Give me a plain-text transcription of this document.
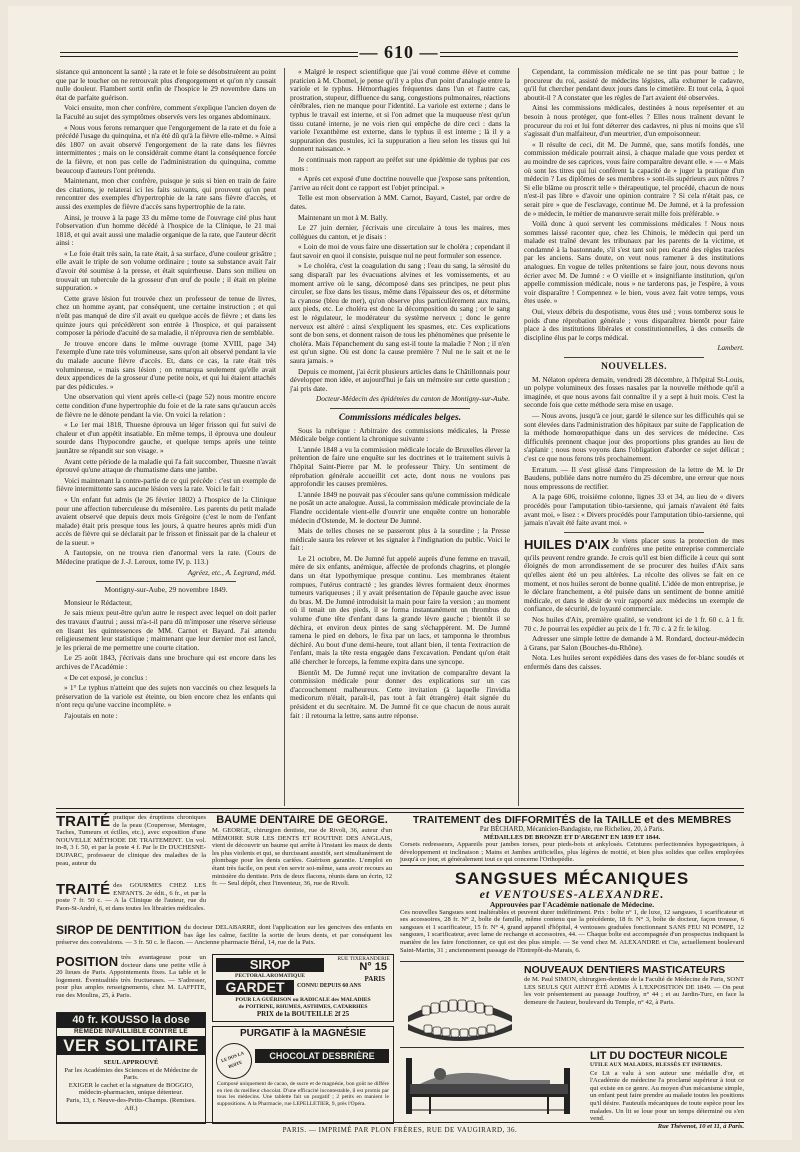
— 610 —

sistance qui annoncent la santé ; la rate et le foie se désobstruèrent au point que par le toucher on ne retrouvait plus d'engorgement et qu'on n'y causait nulle douleur. Flambert sortit enfin de l'hospice le 29 novembre dans un état de parfaite guérison.

Voici ensuite, mon cher confrère, comment s'explique l'ancien doyen de la Faculté au sujet des symptômes observés vers les organes abdominaux.

« Nous vous ferons remarquer que l'engorgement de la rate et du foie a précédé l'usage du quinquina, et n'a été dû qu'à la fièvre elle-même. » Ainsi dès 1807 on avait observé l'engorgement de la rate dans les fièvres intermittentes ; mais on le considérait comme étant la conséquence forcée de la fièvre, et non pas celle de l'administration du quinquina, comme beaucoup d'auteurs l'ont prétendu.

Maintenant, mon cher confrère, puisque je suis si bien en train de faire des citations, je relaterai ici les faits suivants, qui prouvent qu'on peut rencontrer des exemples d'hypertrophie de la rate sans fièvre d'accès, et aussi des exemples de fièvre d'accès sans hypertrophie de la rate.

Ainsi, je trouve à la page 33 du même tome de l'ouvrage cité plus haut l'observation d'un homme décédé à l'hospice de la Clinique, le 21 mai 1818, et qui avait aussi une maladie organique de la rate, que l'auteur décrit ainsi :

« Le foie était très sain, la rate était, à sa surface, d'une couleur grisâtre ; elle avait le triple de son volume ordinaire ; toute sa substance avait l'air d'avoir été soumise à la presse, et était squirrheuse. Dans son milieu on trouvait un tubercule de la grosseur d'un œuf de poule ; il était en pleine suppuration. »

Cette grave lésion fut trouvée chez un professeur de tenue de livres, chez un homme ayant, par conséquent, une certaine instruction ; et qui n'eût pas manqué de dire s'il avait eu quelque accès de fièvre ; et dans les quinze jours qui précédèrent son entrée à l'hospice, et qui paraissent composer la période d'acuité de sa maladie, il n'éprouva rien de semblable.

Je trouve encore dans le même ouvrage (tome XVIII, page 34) l'exemple d'une rate très volumineuse, sans qu'on ait observé pendant la vie du malade aucune fièvre d'accès. Et, dans ce cas, la rate était très volumineuse, « mais sans lésion ; on remarqua seulement qu'elle avait deux appendices de la grosseur d'une petite noix, et qui lui étaient attachés par des pédicules. »

Une observation qui vient après celle-ci (page 52) nous montre encore cette condition d'une hypertrophie du foie et de la rate sans qu'aucun accès de fièvre ne le dénote pendant la vie. On voici la relation :

« Le 1er mai 1818, Thuesne éprouva un léger frisson qui fut suivi de chaleur et d'un appétit insatiable. En même temps, il éprouva une douleur sourde dans l'hypocondre gauche, et quelque temps après une teinte jaunâtre se répandit sur son visage. »

Avant cette période de la maladie qui l'a fait succomber, Thuesne n'avait éprouvé qu'une attaque de rhumatisme dans une jambe.

Voici maintenant la contre-partie de ce qui précède : c'est un exemple de fièvre intermittente sans aucune lésion vers la rate. Voici le fait :

« Un enfant fut admis (le 26 février 1802) à l'hospice de la Clinique pour une affection tuberculeuse du mésentère. Les parents du petit malade avaient observé que depuis deux mois Grégoire (c'est le nom de l'enfant malade) était pris presque tous les jours, à quatre heures après midi d'un accès de fièvre qui se déclarait par le frisson et finissait par de la chaleur et de la sueur. »

A l'autopsie, on ne trouva rien d'anormal vers la rate. (Cours de Médecine pratique de J.-J. Leroux, tome IV, p. 113.)

Agréez, etc., A. Legrand, méd.
Montigny-sur-Aube, 29 novembre 1849.

Monsieur le Rédacteur,

Je sais mieux peut-être qu'un autre le respect avec lequel on doit parler des travaux d'autrui ; aussi m'a-t-il paru dû m'imposer une réserve sérieuse en lisant les quintessences de MM. Carnot et Bayard. J'ai attendu religieusement leur statistique ; maintenant que leur dernier mot est lancé, je les prierai de me permettre une courte citation.

Le 25 août 1843, j'écrivais dans une brochure qui est encore dans les archives de l'Académie :

« De cet exposé, je conclus :

» 1° Le typhus n'atteint que des sujets non vaccinés ou chez lesquels la préservation de la variole est éteinte, ou bien encore chez les enfants qui n'ont reçu qu'une vaccine incomplète. »

J'ajoutais en note :

« Malgré le respect scientifique que j'ai voué comme élève et comme praticien à M. Chomel, je pense qu'il y a plus d'un point d'analogie entre la variole et le typhus. Hémorrhagies fréquentes dans l'un et l'autre cas, prostration, stupeur, diffluence du sang, congestions pulmonaires, réactions cérébrales, rien ne manque pour l'identité. La variole est externe ; dans le typhus le travail est interne, et si l'on admet que la muqueuse n'est qu'un tissu cutané interne, je ne vois rien qui empêche de dire ceci : dans la variole l'exanthème est externe, dans le typhus il est interne ; là il y a suppuration des pustules, ici la suppuration a lieu selon les tissus qui lui donnent naissance. »

Je continuais mon rapport au préfet sur une épidémie de typhus par ces mots :

« Après cet exposé d'une doctrine nouvelle que j'expose sans prétention, j'arrive au récit dont ce rapport est l'objet principal. »

Telle est mon observation à MM. Carnot, Bayard, Castel, par ordre de dates.

Maintenant un mot à M. Bally.

Le 27 juin dernier, j'écrivais une circulaire à tous les maires, mes collègues du canton, et je disais :

« Loin de moi de vous faire une dissertation sur le choléra ; cependant il faut savoir en quoi il consiste, puisque nul ne peut formuler son essence.

» Le choléra, c'est la coagulation du sang ; l'eau du sang, la sérosité du sang disparaît par les évacuations alvines et les vomissements, et au moment arrive où le sang, décomposé dans ses principes, ne peut plus circuler, se fixe dans les tissus, même dans l'épaisseur des os, et détermine la cyanose (bleu de mer), qu'on observe plus particulièrement aux mains, aux pieds, etc. Le choléra est donc la décomposition du sang ; or le sang est le régulateur, le modérateur du système nerveux ; donc le genre nerveux est altéré : ainsi s'expliquent les spasmes, etc. Ces explications sont de bon sens, et donnent raison de tous les phénomènes que présente le choléra. Mais l'épanchement du sang est-il toute la maladie ? Non ; il n'en est qu'un signe. Où est donc la cause première ? Nul ne le sait et ne le saura jamais. »

Depuis ce moment, j'ai écrit plusieurs articles dans le Châtillonnais pour développer mon idée, et aujourd'hui je fais un mémoire sur cette question ; j'ai pris date.

Docteur-Médecin des épidémies du canton de Montigny-sur-Aube.
Commissions médicales belges.

Sous la rubrique : Arbitraire des commissions médicales, la Presse Médicale belge contient la chronique suivante :

L'année 1848 a vu la commission médicale locale de Bruxelles élever la prétention de faire une enquête sur les doctrines et le traitement suivis à l'hôpital Saint-Pierre par M. le professeur Thiry. Un sentiment de réprobation générale accueillit cet acte, dont nous ne voulons pas approfondir les causes premières.

L'année 1849 ne pouvait pas s'écouler sans qu'une commission médicale ne posât un acte analogue. Aussi, la commission médicale provinciale de la Flandre occidentale vient-elle d'ouvrir une enquête contre un honorable médecin d'Ostende, M. le docteur De Jumné.

Mais de telles choses ne se passeront plus à la sourdine ; la Presse médicale saura les relever et les signaler à l'indignation du public. Voici le fait :

Le 21 octobre, M. De Jumné fut appelé auprès d'une femme en travail, mère de six enfants, anémique, affectée de profonds chagrins, et plongée dans un état lypothymique presque continu. Les membranes étaient rompues, l'utérus contracté ; les grandes lèvres formaient deux énormes tumeurs variqueuses ; il y avait présentation de l'épaule gauche avec issue du bras. M. De Jumné introduisit la main pour faire la version ; au moment où il tenait un des pieds, il se forma instantanément un thrombus du volume d'une tête d'enfant dans la grande lèvre gauche ; bientôt il se déchira, et environ deux pintes de sang s'échappèrent. M. De Jumné ramena le pied en dehors, le fixa par un lacs, et tamponna le thrombus déchiré. Au bout d'une demi-heure, tout allant bien, il tenta l'extraction de l'enfant, mais la tête resta engagée dans l'excavation. Pendant qu'on était allé chercher le forceps, la femme expira dans une syncope.

Bientôt M. De Jumné reçut une invitation de comparaître devant la commission médicale pour donner des explications sur un cas d'accouchement malheureux. Cette invitation (à laquelle l'invidia medicorum n'était, paraît-il, pas tout à fait étrangère) était signée du président et du secrétaire. M. De Jumné fit ce que chacun de nous aurait fait : il retourna la lettre, sans autre réponse.

Cependant, la commission médicale ne se tint pas pour battue ; le procureur du roi, assisté de médecins légistes, alla exhumer le cadavre, qu'il fut chercher pendant deux jours dans le cimetière. Et tout cela, à quoi aboutit-il ? A constater que les règles de l'art avaient été observées.

Ainsi les commissions médicales, destinées à nous représenter et au besoin à nous protéger, que font-elles ? Elles nous traînent devant le procureur du roi et lui font déterrer des cadavres, ni plus ni moins que s'il s'agissait d'un malfaiteur, d'un meurtrier, d'un empoisonneur.

« Il résulte de ceci, dit M. De Jumné, que, sans motifs fondés, une commission médicale pourrait ainsi, à chaque malade que vous perdez et au moindre de ses caprices, vous faire comparaître devant elle. » — « Mais où sont les titres qui lui confèrent la capacité de » juger la pratique d'un médecin ? Les diplômes de ses membres » sont-ils supérieurs aux nôtres ? Si elle blâme ou proscrit telle » thérapeutique, tel procédé, chacun de nous n'est-il pas libre » d'avoir une opinion contraire ? Si cela n'était pas, ce serait pire » que de l'esclavage, continue M. De Jumné, et à la profession de » médecin, le métier de manœuvre serait mille fois préférable. »

Voilà donc à quoi servent les commissions médicales ! Nous nous sommes laissé raconter que, chez les Chinois, le médecin qui perd un malade est traîné devant les tribunaux par les parents de la victime, et condamné à la bastonnade, s'il s'est tant soit peu écarté des règles tracées par les anciens. Sans doute, on veut nous ramener à des institutions analogues. En vogue de telles prétentions se faire jour, nous devons nous écrier avec M. De Jumné : « O vieille et » insignifiante institution, qu'on appelle commission médicale, nous » ne tarderons pas, je l'espère, à vous voir disparaître ! Compennez » le bien, vous avez fait votre temps, vous êtes usée. »

Oui, vieux débris du despotisme, vous êtes usé ; vous tomberez sous le poids d'une réprobation générale ; vous disparaîtrez bientôt pour faire place à des institutions libérales et constitutionnelles, à des conseils de discipline élus par le corps médical.

Lambert.
NOUVELLES.

M. Nélaton opérera demain, vendredi 28 décembre, à l'hôpital St-Louis, un polype volumineux des fosses nasales par la nouvelle méthode qu'il a imaginée, et que nous avons fait connaître il y a sept à huit mois. C'est la seconde fois que cette méthode sera mise en usage.

— Nous avons, jusqu'à ce jour, gardé le silence sur les difficultés qui se sont élevées dans l'administration des hôpitaux par suite de l'application de la méthode homœopathique dans un des services de médecine. Ces difficultés prennent chaque jour des proportions plus grandes au lieu de s'aplanir ; nous nous voyons dans l'obligation d'aborder ce sujet délicat ; c'est ce que nous ferons très prochainement.

Erratum. — Il s'est glissé dans l'impression de la lettre de M. le Dr Baudens, publiée dans notre numéro du 25 décembre, une erreur que nous nous empressons de rectifier.

A la page 606, troisième colonne, lignes 33 et 34, au lieu de « divers procédés pour l'amputation tibio-tarsienne, qui jamais n'avaient été faits avant moi, » lisez : « Divers procédés pour l'amputation tibio-tarsienne, qui jamais n'avait été faite avant moi. »

HUILES D'AIX Je viens placer sous la protection de mes confrères une petite entreprise commerciale qu'ils peuvent rendre grande. Je crois qu'il est bien difficile à ceux qui sont éloignés de mon arrondissement de se procurer des huiles d'Aix sans qu'elles aient été un peu altérées. La récolte des olives se fait en ce moment, et nos huiles seront de bonne qualité. L'idée de mon entreprise, je le déclare franchement, a été puisée dans un sentiment de bonne amitié médicale, et dans le désir de voir rapporté aux médecins un exemple de confiance, de sécurité, de loyauté commerciale.

Nos huiles d'Aix, première qualité, se vendront ici de 1 fr. 60 c. à 1 fr. 70 c. Je pourrai les expédier au prix de 1 fr. 70 c. à 2 fr. le kilog.

Adresser une simple lettre de demande à M. Rondard, docteur-médecin à Grans, par Salon (Bouches-du-Rhône).

Nota. Les huiles seront expédiées dans des vases de fer-blanc soudés et enfermés dans des caisses.

TRAITÉ pratique des éruptions chroniques de la peau (Couperose, Mentagre, Taches, Tumeurs et écilles, etc.), avec exposition d'une NOUVELLE MÉTHODE DE TRAITEMENT. Un vol. in-8, 3 f. 50, et par la poste 4 f. Par le Dr DUCHESNE-DUPARC, professeur de clinique des maladies de la peau, auteur du
TRAITÉ des GOURMES CHEZ LES ENFANTS. 2e édit., 6 fr., et par la poste 7 fr. 50 c. — A la Clinique de l'auteur, rue du Paon-St-André, 6, et dans toutes les librairies médicales.
BAUME DENTAIRE DE GEORGE.
M. GEORGE, chirurgien dentiste, rue de Rivoli, 36, auteur d'un MÉMOIRE SUR LES DENTS ET ROUTINE DES ANGLAIS, vient de découvrir un baume qui arrête à l'instant les maux de dents les plus violents et qui, se durcissant aussitôt, sert simultanément de plombage pour les dents cariées. Guérison garantie. L'emploi en étant très facile, on peut s'en servir soi-même, sans avoir recours au ministère du dentiste. Prix de deux flacons, réunis dans un écrin, 12 fr. — Seul dépôt, chez l'inventeur, 36, rue de Rivoli.
SIROP DE DENTITION du docteur DELABARRE, dont l'application sur les gencives des enfants en bas âge les calme, facilite la sortie de leurs dents, et par conséquent les préserve des convulsions. — 3 fr. 50 c. le flacon. — Ancienne pharmacie Béral, 14, rue de la Paix.
POSITION très avantageuse pour un docteur dans une petite ville à 20 lieues de Paris. Appointements fixes. La table et le logement. Éventualités très fructueuses. — S'adresser, pour plus amples renseignements, chez M. LAFFITE, rue des Moulins, 25, à Paris.
40 fr. KOUSSO la dose
REMÈDE INFAILLIBLE CONTRE LE
VER SOLITAIRE
SEUL APPROUVÉ
Par les Académies des Sciences et de Médecine de Paris.
EXIGER le cachet et la signature de BOGGIO, médecin-pharmacien, unique détenteur.
Paris, 13, r. Neuve-des-Petits-Champs. (Remises. Aff.)
RUE TIXERANDERIE
SIROP	N° 15
PARIS
PECTORAL AROMATIQUE
GARDET	CONNU DEPUIS 60 ANS
POUR LA GUÉRISON ou RADICALE des MALADIES
de POITRINE, RHUMES, ASTHMES, CATARRHES
PRIX de la BOUTEILLE 2f 25
PURGATIF à la MAGNÉSIE
LE DOS LA BOITE
CHOCOLAT DESBRIÈRE
Composé uniquement de cacao, de sucre et de magnésie, bon goût ne différe en rien du meilleur chocolat. D'une efficacité incontestable, il est promis par tous les médecins. Une tablette fait un purgatif ; 2 petits en manient le suppositions. A la Pharmacie, rue LEPELLETIER, 9, près l'Opéra.
TRAITEMENT des DIFFORMITÉS de la TAILLE et des MEMBRES
Par BÉCHARD, Mécanicien-Bandagiste, rue Richelieu, 20, à Paris.
MÉDAILLES DE BRONZE ET D'ARGENT EN 1839 ET 1844.
Corsets redresseurs, Appareils pour jambes torses, pour pieds-bots et ankylosés. Ceintures perfectionnées hypogastriques, à développement et inclinaison ; Mains et Jambes artificielles, plus légères de moitié, et bien plus solides que celles employées jusqu'à ce jour, et généralement tout ce qui concerne l'Orthopédie.
SANGSUES MÉCANIQUES
et VENTOUSES-ALEXANDRE.
Approuvées par l'Académie nationale de Médecine.
Ces nouvelles Sangsues sont inaltérables et peuvent durer indéfiniment. Prix : boîte n° 1, de luxe, 12 sangsues, 1 scarificateur et ses accessoires, 28 fr. N° 2, boîte de famille, même contenu que la précédente, 18 fr. N° 3, boîte de docteur, façon trousse, 6 sangsues et 1 scarificateur, 15 fr. N° 4, grand appareil d'hôpital, 4 ventouses graduées fonctionnant SANS FEU NI POMPE, 12 sangsues, 1 scarificateur, avec lame de rechange et accessoires, 44. — Chaque boîte est accompagnée d'un prospectus indiquant la manière de les faire fonctionner, ce qui est des plus simple. — Se vend chez M. ALEXANDRE et Cie, actuellement boulevard Saint-Martin, 31 ; anciennement passage de l'Entrepôt-du-Marais, 6.
NOUVEAUX DENTIERS MASTICATEURS
de M. Paul SIMON, chirurgien-dentiste de la Faculté de Médecine de Paris, SONT LES SEULS QUI AIENT ÉTÉ ADMIS À L'EXPOSITION DE 1849. — On peut les voir présentement au passage Jouffroy, n° 44 ; et au Jardin-Turc, en face la demeure de l'auteur, boulevard du Temple, n° 42, à Paris.
LIT DU DOCTEUR NICOLE
UTILE AUX MALADES, BLESSÉS ET INFIRMES.
Ce Lit a valu à son auteur une médaille d'or, et l'Académie de médecine l'a proclamé supérieur à tout ce qui existe en ce genre. Au moyen d'un mécanisme simple, un enfant peut faire prendre au malade toutes les positions qu'il désire. Fauteuils mécaniques de toute espèce pour les malades. Un lit se loue pour un temps déterminé ou s'en vend.
Rue Thévenot, 10 et 11, à Paris.
PARIS. — IMPRIMÉ PAR PLON FRÈRES, RUE DE VAUGIRARD, 36.
